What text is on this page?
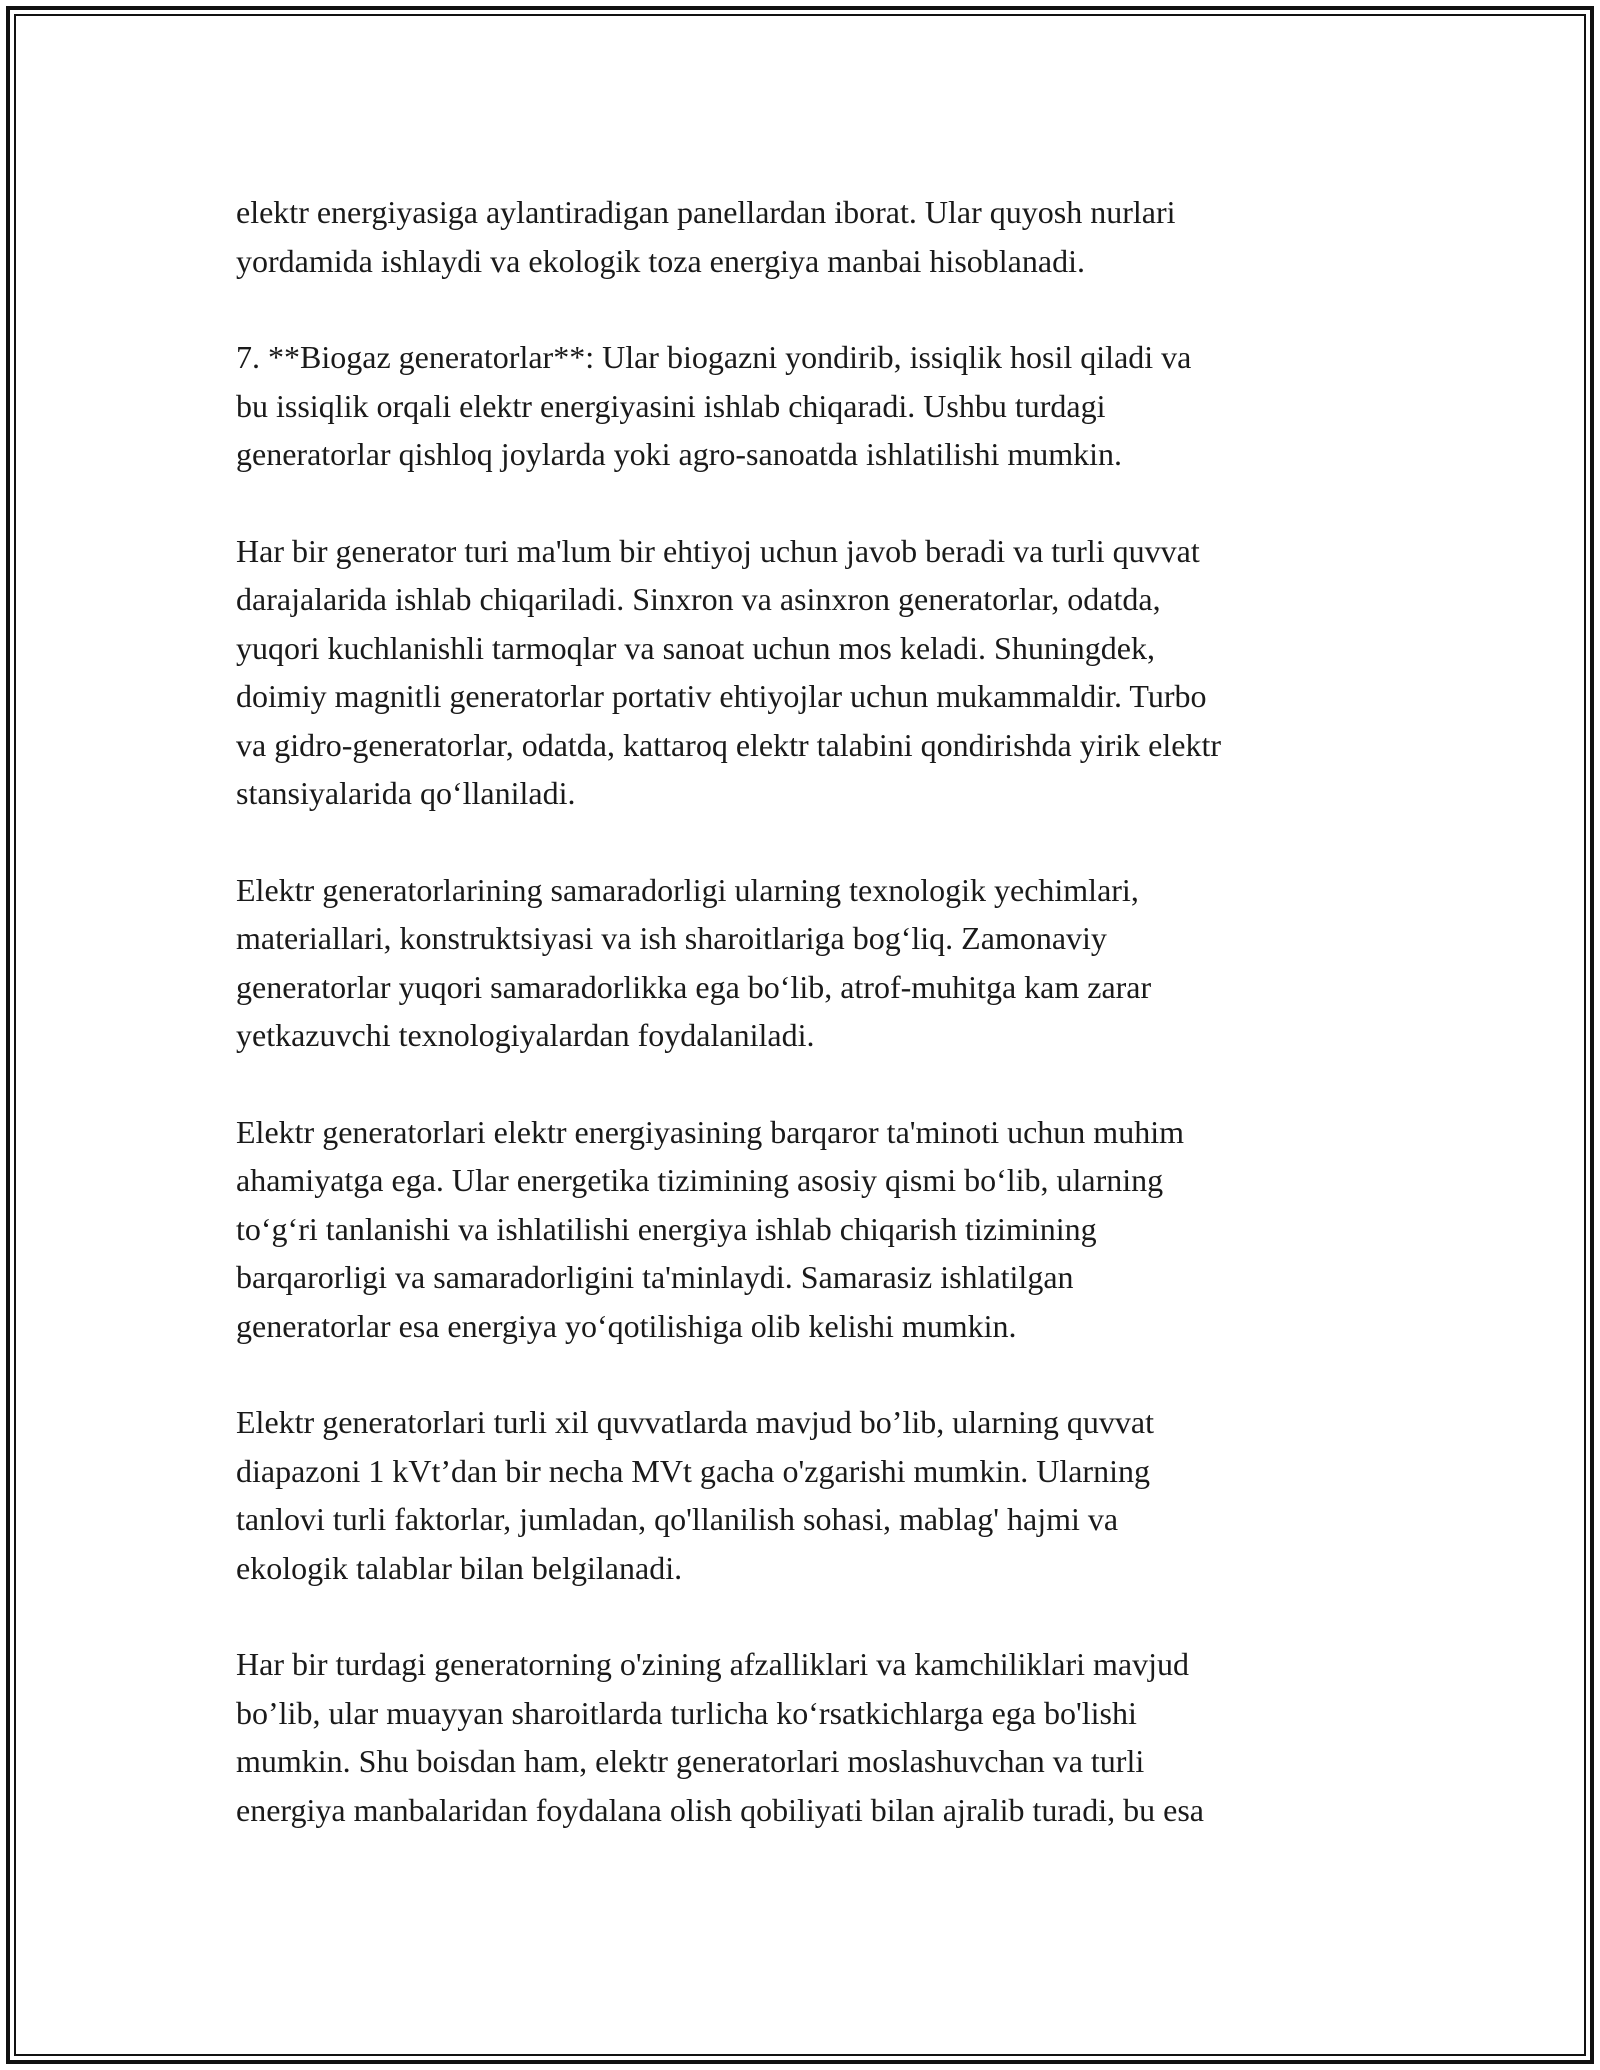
elektr energiyasiga aylantiradigan panellardan iborat. Ular quyosh nurlari
yordamida ishlaydi va ekologik toza energiya manbai hisoblanadi.
7. **Biogaz generatorlar**: Ular biogazni yondirib, issiqlik hosil qiladi va
bu issiqlik orqali elektr energiyasini ishlab chiqaradi. Ushbu turdagi
generatorlar qishloq joylarda yoki agro-sanoatda ishlatilishi mumkin.
Har bir generator turi ma'lum bir ehtiyoj uchun javob beradi va turli quvvat
darajalarida ishlab chiqariladi. Sinxron va asinxron generatorlar, odatda,
yuqori kuchlanishli tarmoqlar va sanoat uchun mos keladi. Shuningdek,
doimiy magnitli generatorlar portativ ehtiyojlar uchun mukammaldir. Turbo
va gidro-generatorlar, odatda, kattaroq elektr talabini qondirishda yirik elektr
stansiyalarida qo‘llaniladi.
Elektr generatorlarining samaradorligi ularning texnologik yechimlari,
materiallari, konstruktsiyasi va ish sharoitlariga bog‘liq. Zamonaviy
generatorlar yuqori samaradorlikka ega bo‘lib, atrof-muhitga kam zarar
yetkazuvchi texnologiyalardan foydalaniladi.
Elektr generatorlari elektr energiyasining barqaror ta'minoti uchun muhim
ahamiyatga ega. Ular energetika tizimining asosiy qismi bo‘lib, ularning
to‘g‘ri tanlanishi va ishlatilishi energiya ishlab chiqarish tizimining
barqarorligi va samaradorligini ta'minlaydi. Samarasiz ishlatilgan
generatorlar esa energiya yo‘qotilishiga olib kelishi mumkin.
Elektr generatorlari turli xil quvvatlarda mavjud bo’lib, ularning quvvat
diapazoni 1 kVt’dan bir necha MVt gacha o'zgarishi mumkin. Ularning
tanlovi turli faktorlar, jumladan, qo'llanilish sohasi, mablag' hajmi va
ekologik talablar bilan belgilanadi.
Har bir turdagi generatorning o'zining afzalliklari va kamchiliklari mavjud
bo’lib, ular muayyan sharoitlarda turlicha ko‘rsatkichlarga ega bo'lishi
mumkin. Shu boisdan ham, elektr generatorlari moslashuvchan va turli
energiya manbalaridan foydalana olish qobiliyati bilan ajralib turadi, bu esa
